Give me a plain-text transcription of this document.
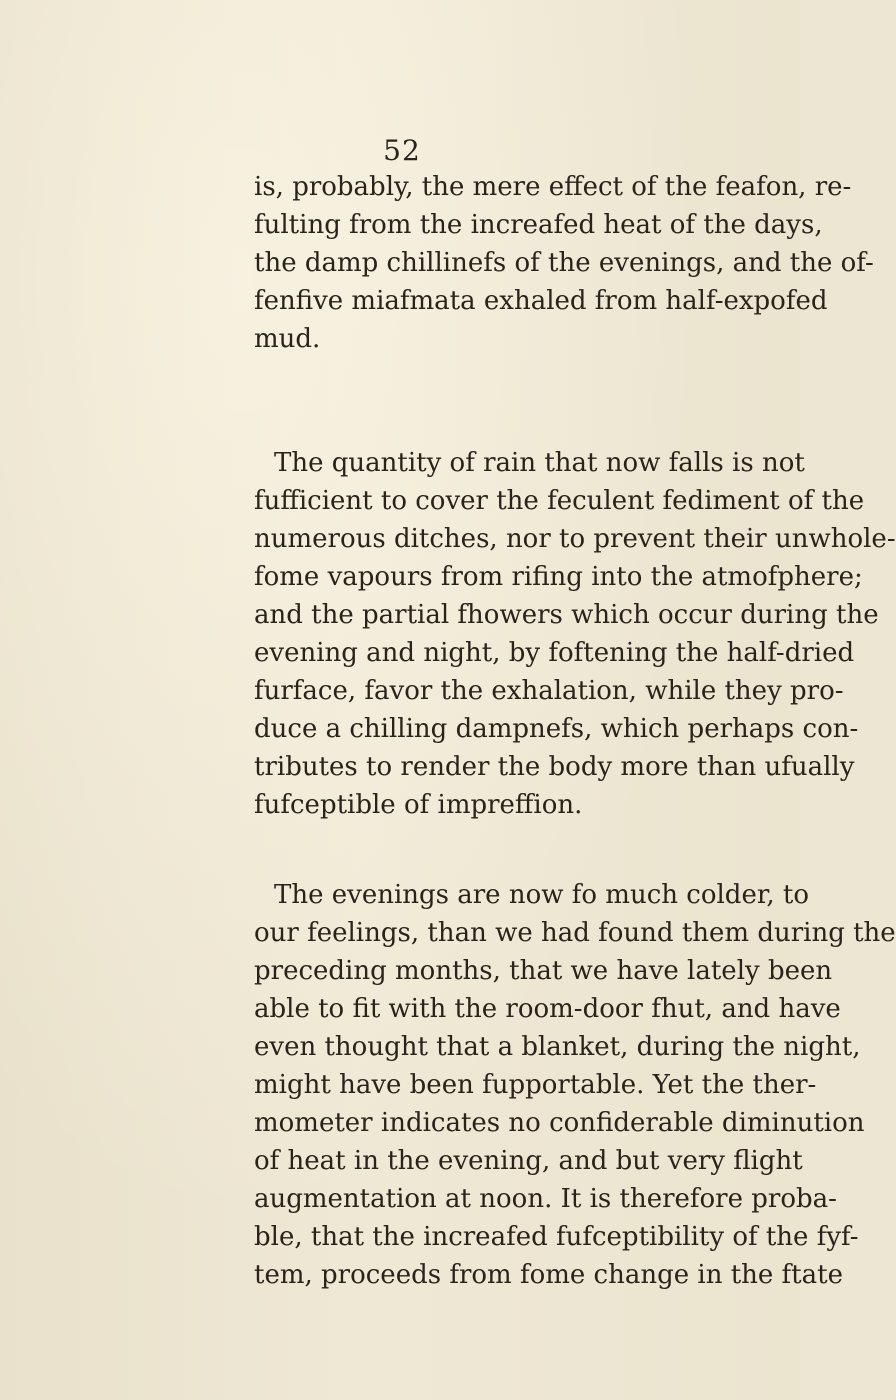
52
is, probably, the mere effect of the feafon, re-
fulting from the increafed heat of the days,
the damp chillinefs of the evenings, and the of-
fenfive miafmata exhaled from half-expofed
mud.
The quantity of rain that now falls is not
fufficient to cover the feculent fediment of the
numerous ditches, nor to prevent their unwhole-
fome vapours from rifing into the atmofphere;
and the partial fhowers which occur during the
evening and night, by foftening the half-dried
furface, favor the exhalation, while they pro-
duce a chilling dampnefs, which perhaps con-
tributes to render the body more than ufually
fufceptible of impreffion.
The evenings are now fo much colder, to
our feelings, than we had found them during the
preceding months, that we have lately been
able to fit with the room-door fhut, and have
even thought that a blanket, during the night,
might have been fupportable. Yet the ther-
mometer indicates no confiderable diminution
of heat in the evening, and but very flight
augmentation at noon. It is therefore proba-
ble, that the increafed fufceptibility of the fyf-
tem, proceeds from fome change in the ftate
